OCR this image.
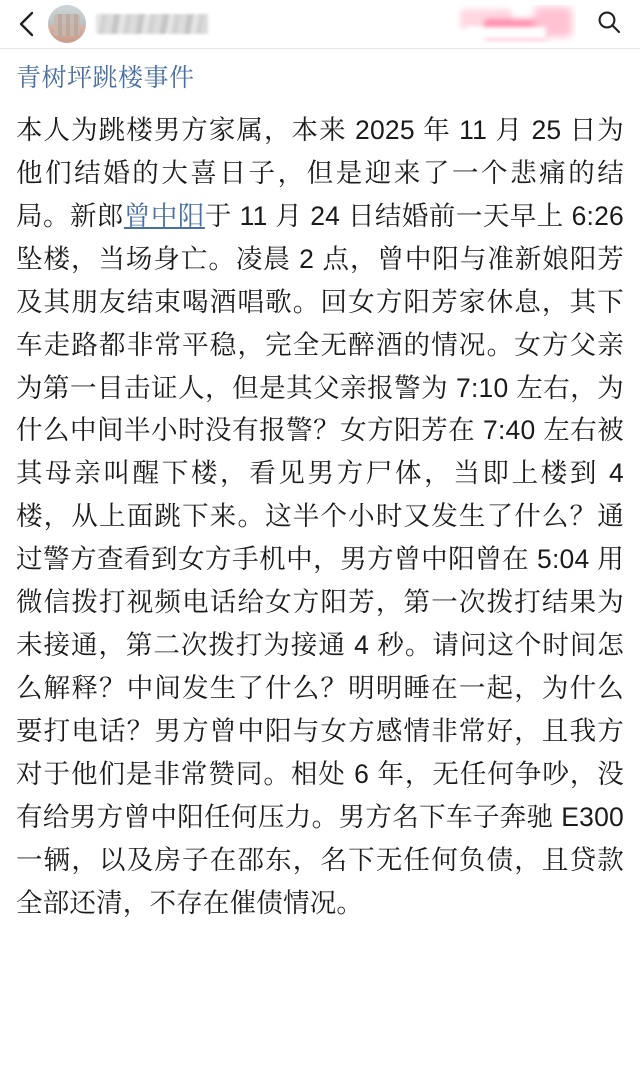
青树坪跳楼事件

本人为跳楼男方家属，本来 2025 年 11 月 25 日为他们结婚的大喜日子，但是迎来了一个悲痛的结局。新郎曾中阳于 11 月 24 日结婚前一天早上 6:26 坠楼，当场身亡。凌晨 2 点，曾中阳与准新娘阳芳及其朋友结束喝酒唱歌。回女方阳芳家休息，其下车走路都非常平稳，完全无醉酒的情况。女方父亲为第一目击证人，但是其父亲报警为 7:10 左右，为什么中间半小时没有报警？女方阳芳在 7:40 左右被其母亲叫醒下楼，看见男方尸体，当即上楼到 4 楼，从上面跳下来。这半个小时又发生了什么？通过警方查看到女方手机中，男方曾中阳曾在 5:04 用微信拨打视频电话给女方阳芳，第一次拨打结果为未接通，第二次拨打为接通 4 秒。请问这个时间怎么解释？中间发生了什么？明明睡在一起，为什么要打电话？男方曾中阳与女方感情非常好，且我方对于他们是非常赞同。相处 6 年，无任何争吵，没有给男方曾中阳任何压力。男方名下车子奔驰 E300 一辆，以及房子在邵东，名下无任何负债，且贷款全部还清，不存在催债情况。
